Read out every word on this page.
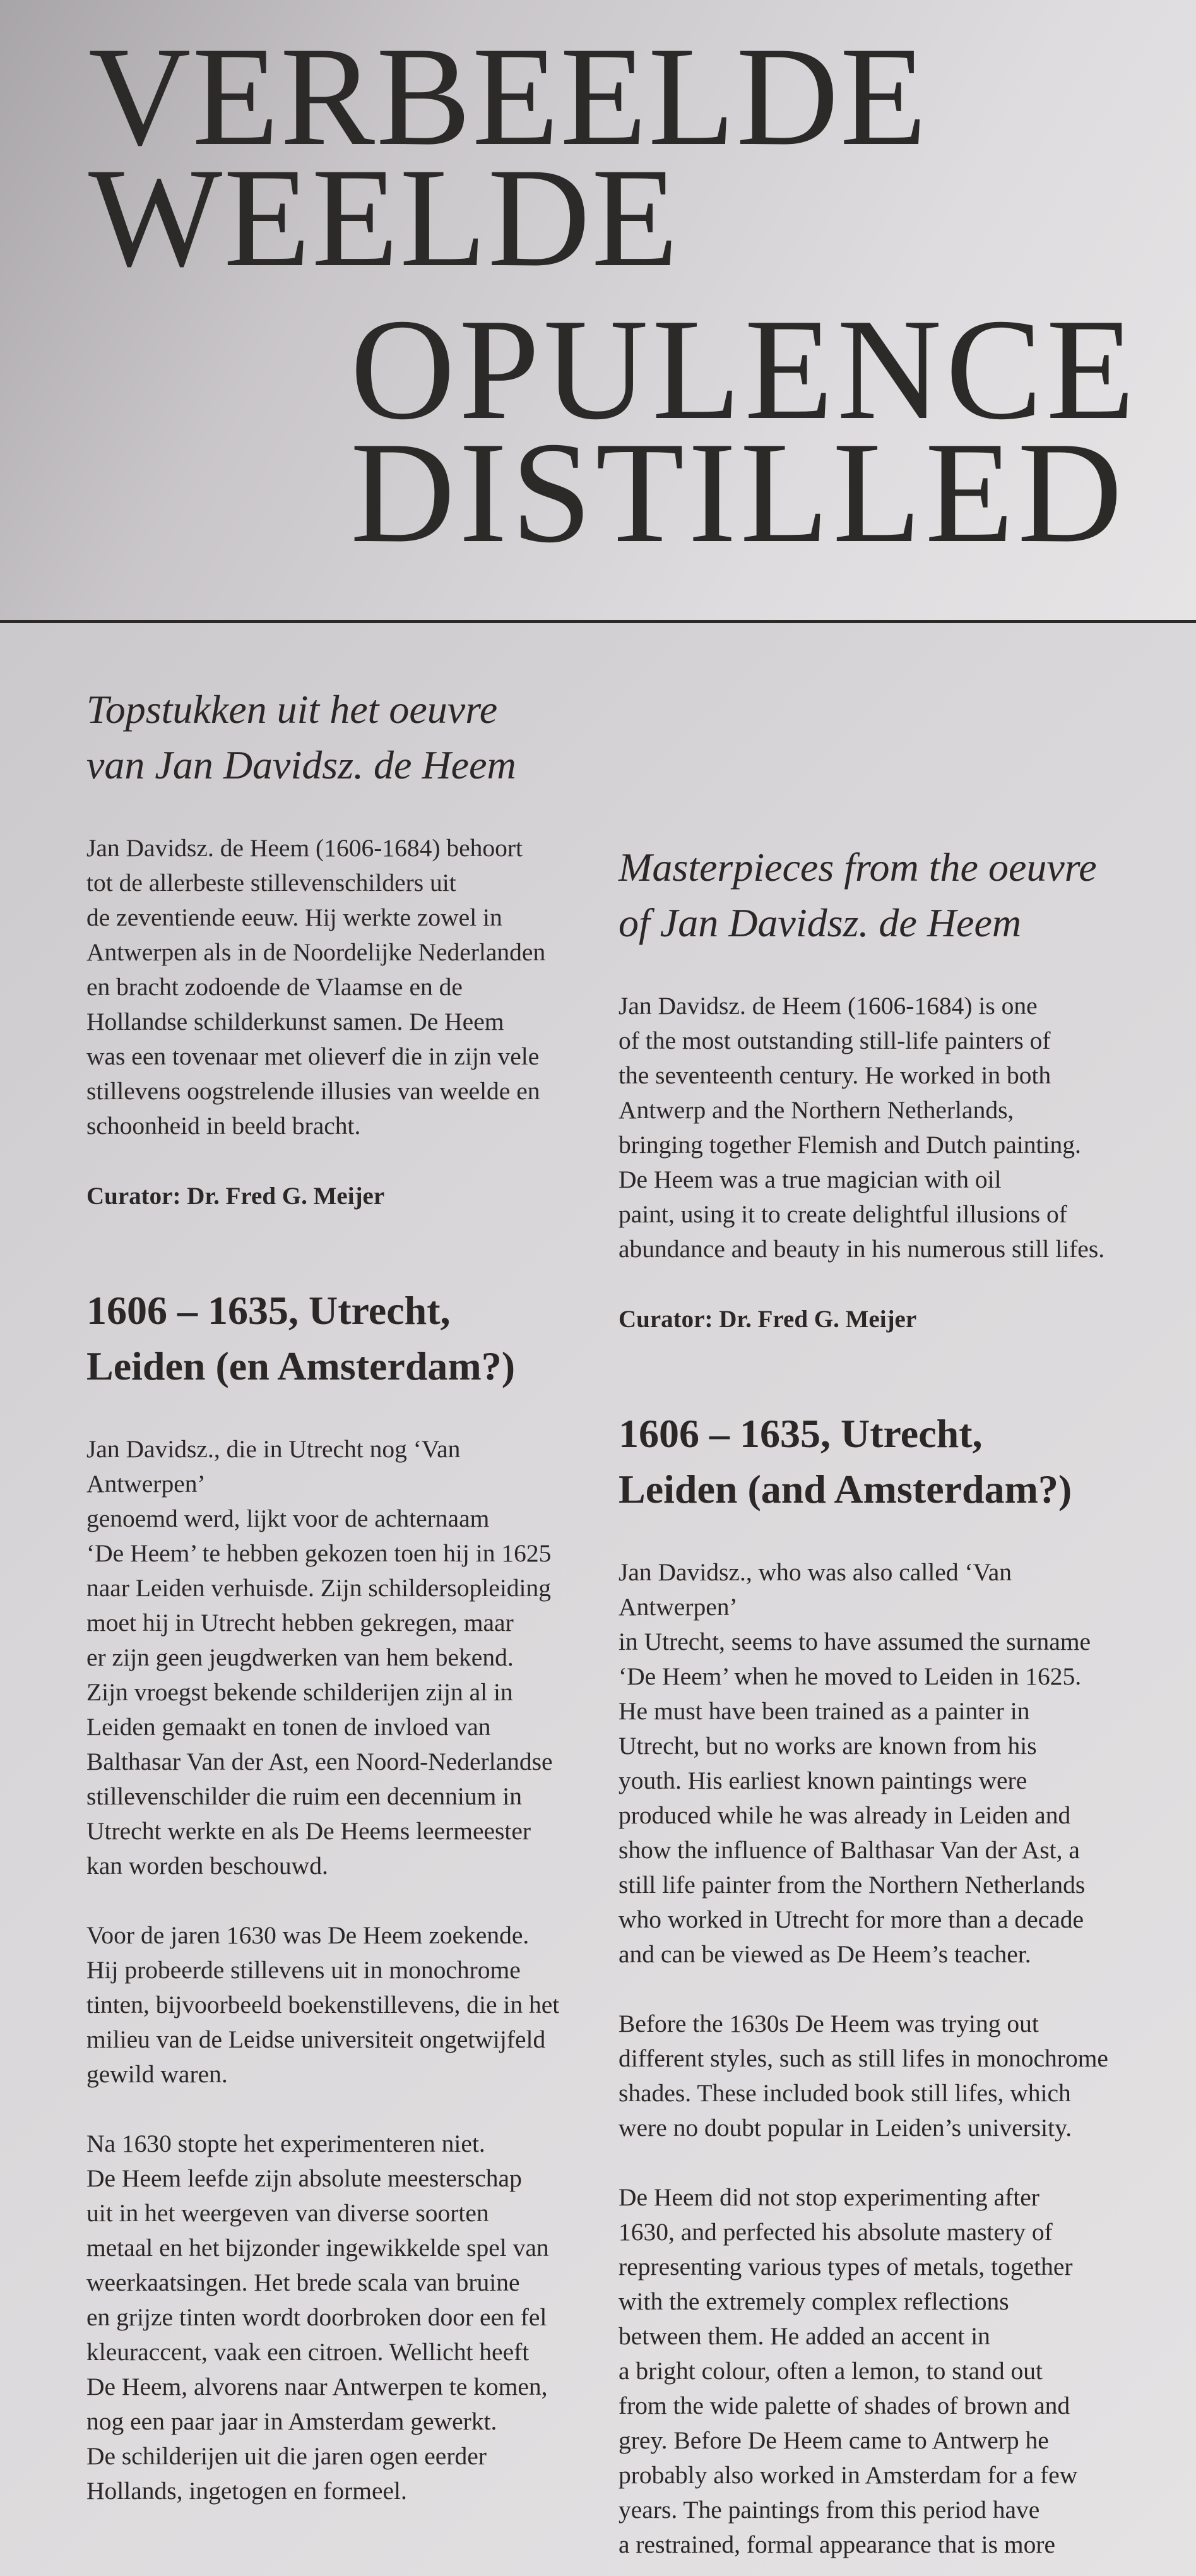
VERBEELDE
WEELDE
OPULENCE
DISTILLED
Topstukken uit het oeuvre
van Jan Davidsz. de Heem

Jan Davidsz. de Heem (1606-1684) behoort
tot de allerbeste stillevenschilders uit
de zeventiende eeuw. Hij werkte zowel in
Antwerpen als in de Noordelijke Nederlanden
en bracht zodoende de Vlaamse en de
Hollandse schilderkunst samen. De Heem
was een tovenaar met olieverf die in zijn vele
stillevens oogstrelende illusies van weelde en
schoonheid in beeld bracht.

Curator: Dr. Fred G. Meijer

1606 – 1635, Utrecht,
Leiden (en Amsterdam?)

Jan Davidsz., die in Utrecht nog ‘Van Antwerpen’
genoemd werd, lijkt voor de achternaam
‘De Heem’ te hebben gekozen toen hij in 1625
naar Leiden verhuisde. Zijn schildersopleiding
moet hij in Utrecht hebben gekregen, maar
er zijn geen jeugdwerken van hem bekend.
Zijn vroegst bekende schilderijen zijn al in
Leiden gemaakt en tonen de invloed van
Balthasar Van der Ast, een Noord-Nederlandse
stillevenschilder die ruim een decennium in
Utrecht werkte en als De Heems leermeester
kan worden beschouwd.

Voor de jaren 1630 was De Heem zoekende.
Hij probeerde stillevens uit in monochrome
tinten, bijvoorbeeld boekenstillevens, die in het
milieu van de Leidse universiteit ongetwijfeld
gewild waren.

Na 1630 stopte het experimenteren niet.
De Heem leefde zijn absolute meesterschap
uit in het weergeven van diverse soorten
metaal en het bijzonder ingewikkelde spel van
weerkaatsingen. Het brede scala van bruine
en grijze tinten wordt doorbroken door een fel
kleuraccent, vaak een citroen. Wellicht heeft
De Heem, alvorens naar Antwerpen te komen,
nog een paar jaar in Amsterdam gewerkt.
De schilderijen uit die jaren ogen eerder
Hollands, ingetogen en formeel.

Masterpieces from the oeuvre
of Jan Davidsz. de Heem

Jan Davidsz. de Heem (1606-1684) is one
of the most outstanding still-life painters of
the seventeenth century. He worked in both
Antwerp and the Northern Netherlands,
bringing together Flemish and Dutch painting.
De Heem was a true magician with oil
paint, using it to create delightful illusions of
abundance and beauty in his numerous still lifes.

Curator: Dr. Fred G. Meijer

1606 – 1635, Utrecht,
Leiden (and Amsterdam?)

Jan Davidsz., who was also called ‘Van Antwerpen’
in Utrecht, seems to have assumed the surname
‘De Heem’ when he moved to Leiden in 1625.
He must have been trained as a painter in
Utrecht, but no works are known from his
youth. His earliest known paintings were
produced while he was already in Leiden and
show the influence of Balthasar Van der Ast, a
still life painter from the Northern Netherlands
who worked in Utrecht for more than a decade
and can be viewed as De Heem’s teacher.

Before the 1630s De Heem was trying out
different styles, such as still lifes in monochrome
shades. These included book still lifes, which
were no doubt popular in Leiden’s university.

De Heem did not stop experimenting after
1630, and perfected his absolute mastery of
representing various types of metals, together
with the extremely complex reflections
between them. He added an accent in
a bright colour, often a lemon, to stand out
from the wide palette of shades of brown and
grey. Before De Heem came to Antwerp he
probably also worked in Amsterdam for a few
years. The paintings from this period have
a restrained, formal appearance that is more
